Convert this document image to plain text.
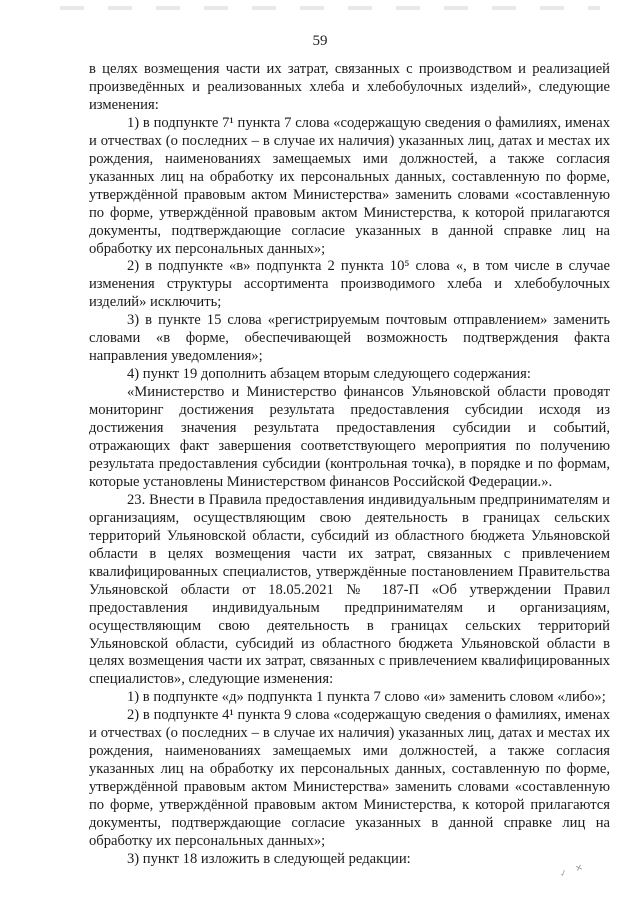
59

в целях возмещения части их затрат, связанных с производством и реализацией произведённых и реализованных хлеба и хлебобулочных изделий», следующие изменения:

1) в подпункте 7¹ пункта 7 слова «содержащую сведения о фамилиях, именах и отчествах (о последних – в случае их наличия) указанных лиц, датах и местах их рождения, наименованиях замещаемых ими должностей, а также согласия указанных лиц на обработку их персональных данных, составленную по форме, утверждённой правовым актом Министерства» заменить словами «составленную по форме, утверждённой правовым актом Министерства, к которой прилагаются документы, подтверждающие согласие указанных в данной справке лиц на обработку их персональных данных»;

2) в подпункте «в» подпункта 2 пункта 10⁵ слова «, в том числе в случае изменения структуры ассортимента производимого хлеба и хлебобулочных изделий» исключить;

3) в пункте 15 слова «регистрируемым почтовым отправлением» заменить словами «в форме, обеспечивающей возможность подтверждения факта направления уведомления»;

4) пункт 19 дополнить абзацем вторым следующего содержания:

«Министерство и Министерство финансов Ульяновской области проводят мониторинг достижения результата предоставления субсидии исходя из достижения значения результата предоставления субсидии и событий, отражающих факт завершения соответствующего мероприятия по получению результата предоставления субсидии (контрольная точка), в порядке и по формам, которые установлены Министерством финансов Российской Федерации.».

23. Внести в Правила предоставления индивидуальным предпринимателям и организациям, осуществляющим свою деятельность в границах сельских территорий Ульяновской области, субсидий из областного бюджета Ульяновской области в целях возмещения части их затрат, связанных с привлечением квалифицированных специалистов, утверждённые постановлением Правительства Ульяновской области от 18.05.2021 № 187-П «Об утверждении Правил предоставления индивидуальным предпринимателям и организациям, осуществляющим свою деятельность в границах сельских территорий Ульяновской области, субсидий из областного бюджета Ульяновской области в целях возмещения части их затрат, связанных с привлечением квалифицированных специалистов», следующие изменения:

1) в подпункте «д» подпункта 1 пункта 7 слово «и» заменить словом «либо»;

2) в подпункте 4¹ пункта 9 слова «содержащую сведения о фамилиях, именах и отчествах (о последних – в случае их наличия) указанных лиц, датах и местах их рождения, наименованиях замещаемых ими должностей, а также согласия указанных лиц на обработку их персональных данных, составленную по форме, утверждённой правовым актом Министерства» заменить словами «составленную по форме, утверждённой правовым актом Министерства, к которой прилагаются документы, подтверждающие согласие указанных в данной справке лиц на обработку их персональных данных»;

3) пункт 18 изложить в следующей редакции:

✓ ✕
